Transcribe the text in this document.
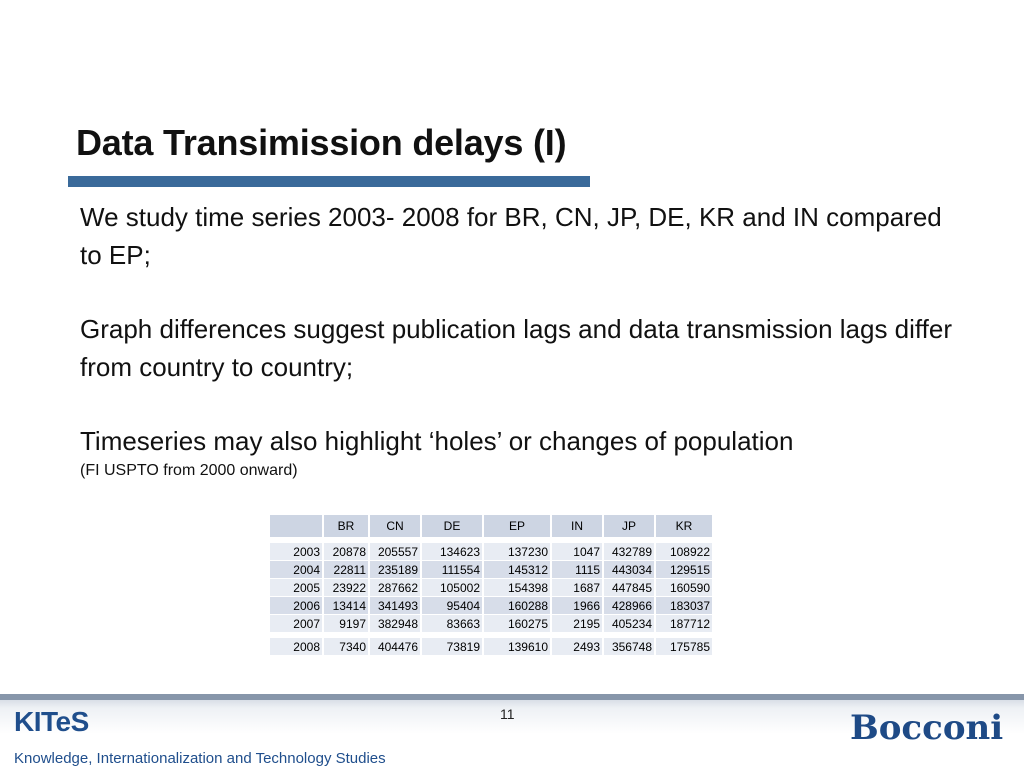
Data Transimission delays (I)

We study time series 2003- 2008 for BR, CN, JP, DE, KR and IN compared to EP;

Graph differences suggest publication lags and data transmission lags differ from country to country;

Timeseries may also highlight ‘holes’ or changes of population
(FI USPTO from 2000 onward)

	BR	CN	DE	EP	IN	JP	KR

2003	20878	205557	134623	137230	1047	432789	108922
2004	22811	235189	111554	145312	1115	443034	129515
2005	23922	287662	105002	154398	1687	447845	160590
2006	13414	341493	95404	160288	1966	428966	183037
2007	9197	382948	83663	160275	2195	405234	187712

2008	7340	404476	73819	139610	2493	356748	175785
KITeS
Knowledge, Internationalization and Technology Studies
11	Bocconi
